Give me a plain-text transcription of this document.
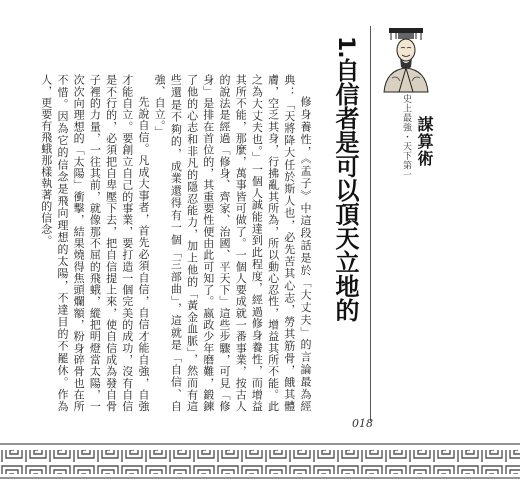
史上最強・天下第一 謀算術
1.自信者是可以頂天立地的

修身養性，《孟子》中這段話是於「大丈夫」的言論最為經典：「天將降大任於斯人也，必先苦其心志，勞其筋骨，餓其體膚，空乏其身，行拂亂其所為，所以動心忍性，增益其所不能。此之為大丈夫也。」一個人誠能達到此程度，經過修身養性，而增益其所不能，那麼，萬事皆可做了。一個人要成就一番事業，按古人的說法是經過「修身、齊家、治國、平天下」這些步驟，可見「修身」是排在首位的，其重要性便由此可知了。嬴政少年磨難，鍛鍊了他的心志和非凡的隱忍能力，加上他的「黃金血脈」，然而有這些還是不夠的，成業還得有一個「三部曲」，這就是「自信、自強、自立。」

先說自信。凡成大事者，首先必須自信，自信才能自強，自強才能自立。要創立自己的事業，要打造一個完美的成功，沒有自信是不行的，必須把自卑壓下去，把自信提上來，使自信成為發自骨子裡的力量，一往其前，就像那不屈的飛蛾，縱把明燈當太陽，一次次向理想的「太陽」衝擊，結果燒得焦頭爛額，粉身碎骨也在所不惜。因為它的信念是飛向理想的太陽，不達目的不罷休。作為人，更要有飛蛾那樣執著的信念。

018
